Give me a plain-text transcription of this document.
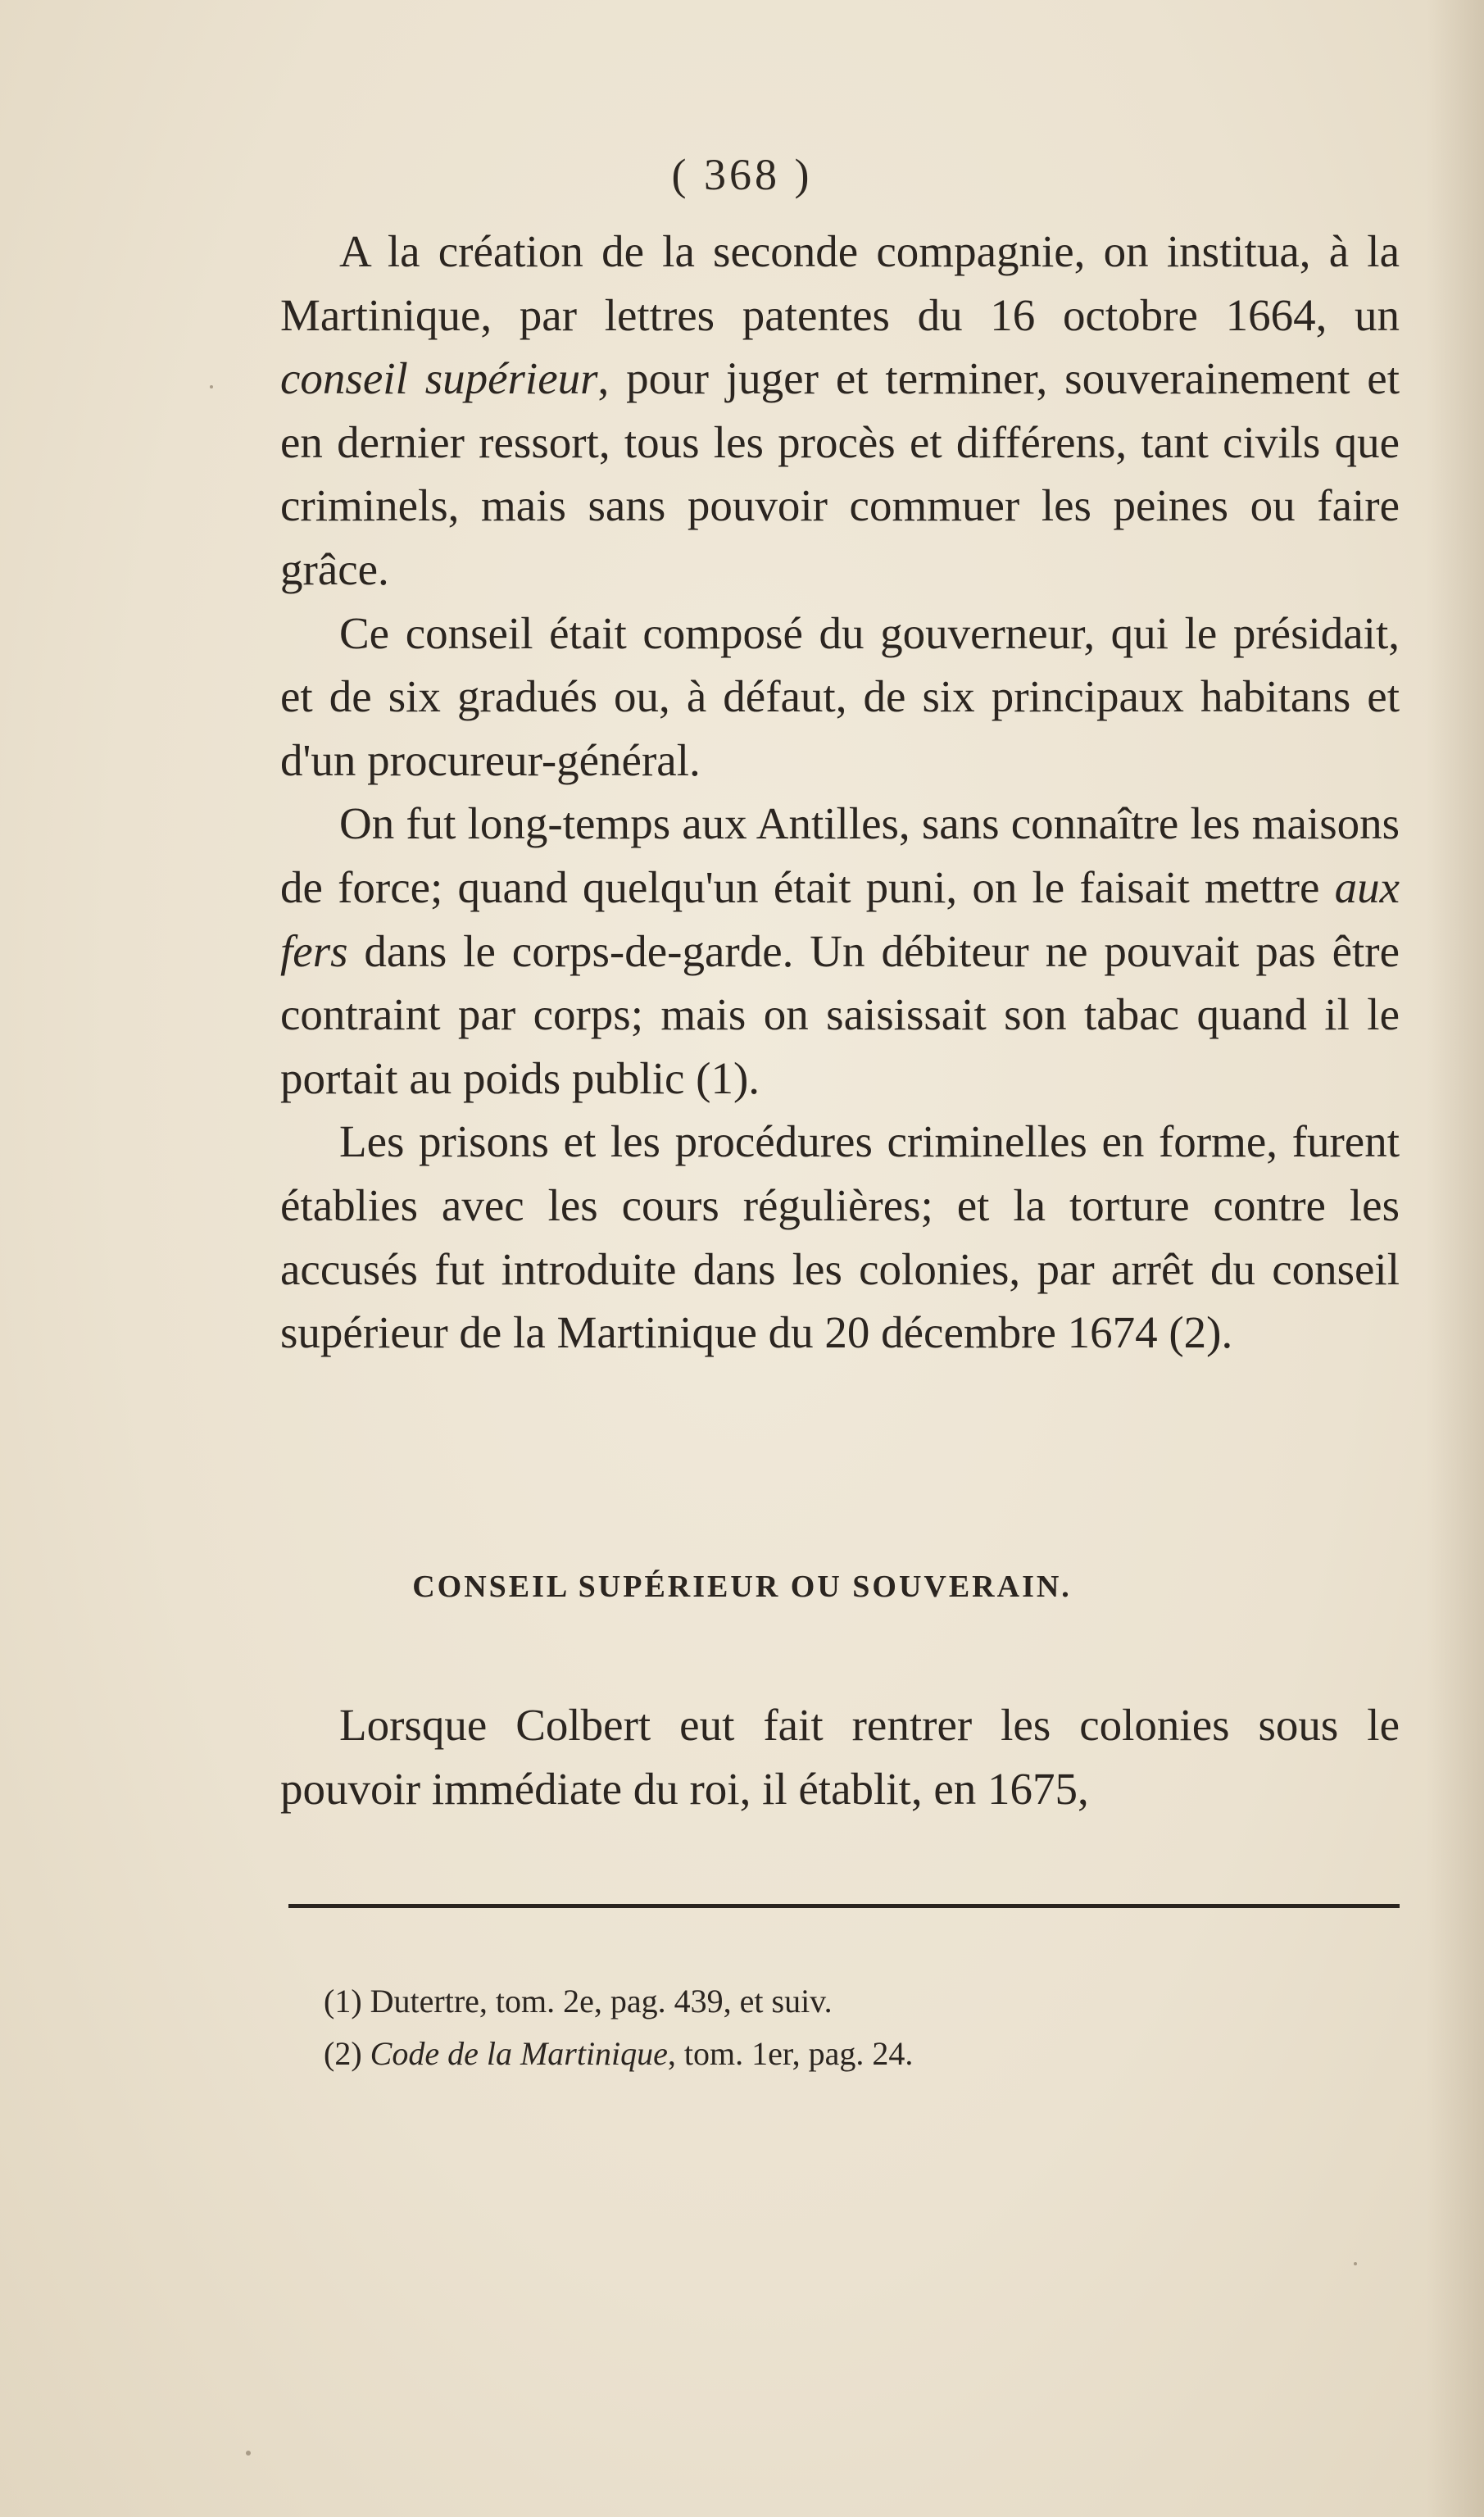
( 368 )

A la création de la seconde compagnie, on institua, à la Martinique, par lettres patentes du 16 octobre 1664, un conseil supérieur, pour juger et terminer, souverainement et en dernier ressort, tous les procès et différens, tant civils que criminels, mais sans pouvoir commuer les peines ou faire grâce.

Ce conseil était composé du gouverneur, qui le présidait, et de six gradués ou, à défaut, de six principaux habitans et d'un procureur-général.

On fut long-temps aux Antilles, sans connaître les maisons de force; quand quelqu'un était puni, on le faisait mettre aux fers dans le corps-de-garde. Un débiteur ne pouvait pas être contraint par corps; mais on saisissait son tabac quand il le portait au poids public (1).

Les prisons et les procédures criminelles en forme, furent établies avec les cours régulières; et la torture contre les accusés fut introduite dans les colonies, par arrêt du conseil supérieur de la Martinique du 20 décembre 1674 (2).

CONSEIL SUPÉRIEUR OU SOUVERAIN.

Lorsque Colbert eut fait rentrer les colonies sous le pouvoir immédiate du roi, il établit, en 1675,

(1) Dutertre, tom. 2e, pag. 439, et suiv.
(2) Code de la Martinique, tom. 1er, pag. 24.
